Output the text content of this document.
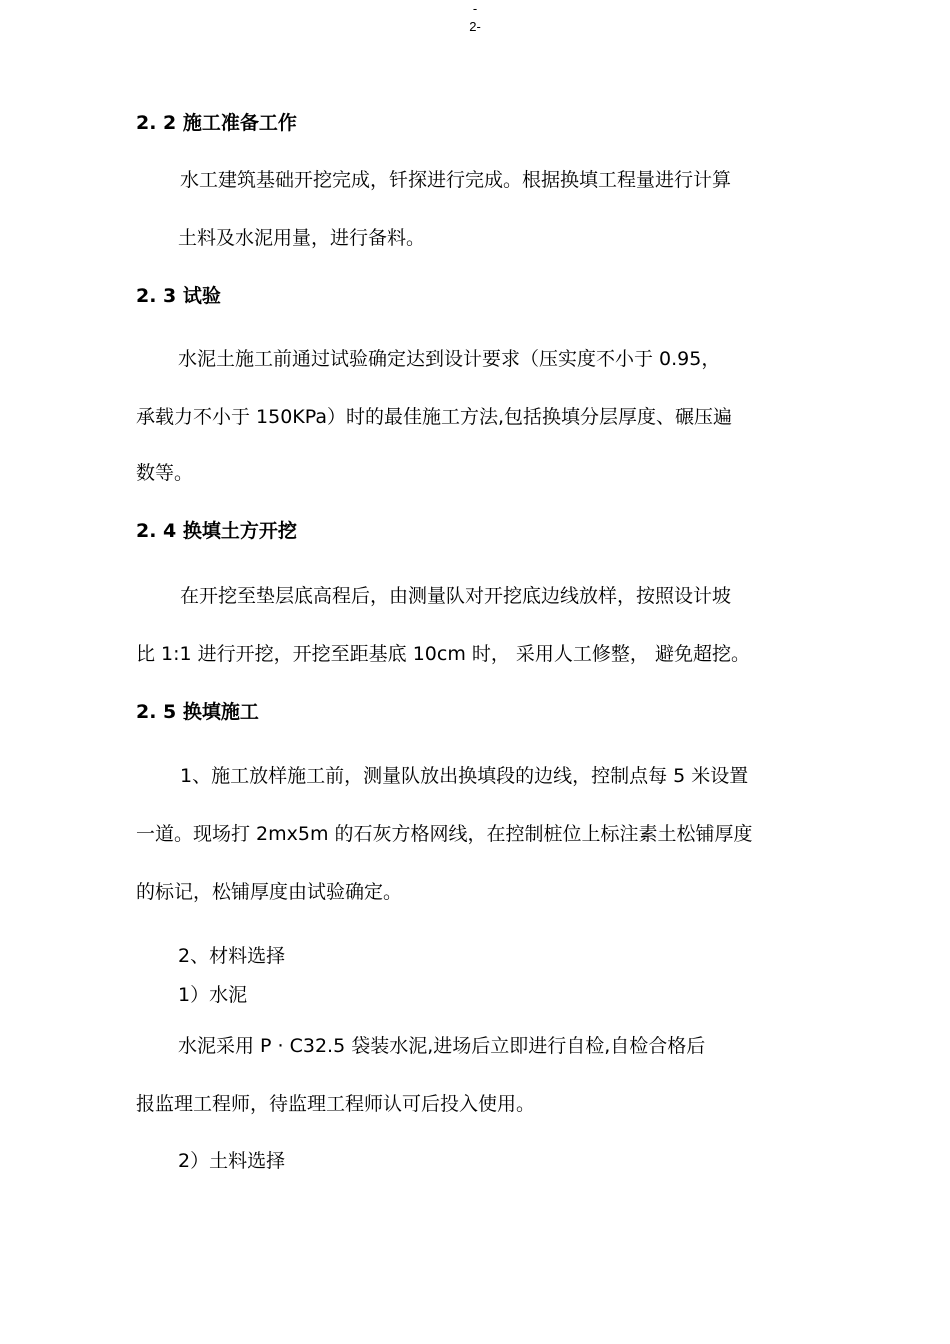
-
2-
2. 2 施工准备工作
水工建筑基础开挖完成，钎探进行完成。根据换填工程量进行计算
土料及水泥用量，进行备料。
2. 3 试验
水泥土施工前通过试验确定达到设计要求（压实度不小于 0.95，
承载力不小于 150KPa）时的最佳施工方法,包括换填分层厚度、碾压遍
数等。
2. 4 换填土方开挖
在开挖至垫层底高程后，由测量队对开挖底边线放样，按照设计坡
比 1:1 进行开挖，开挖至距基底 10cm 时， 采用人工修整， 避免超挖。
2. 5 换填施工
1、施工放样施工前，测量队放出换填段的边线，控制点每 5 米设置
一道。现场打 2mx5m 的石灰方格网线，在控制桩位上标注素土松铺厚度
的标记，松铺厚度由试验确定。
2、材料选择
1）水泥
水泥采用 P · C32.5 袋装水泥,进场后立即进行自检,自检合格后
报监理工程师，待监理工程师认可后投入使用。
2）土料选择
